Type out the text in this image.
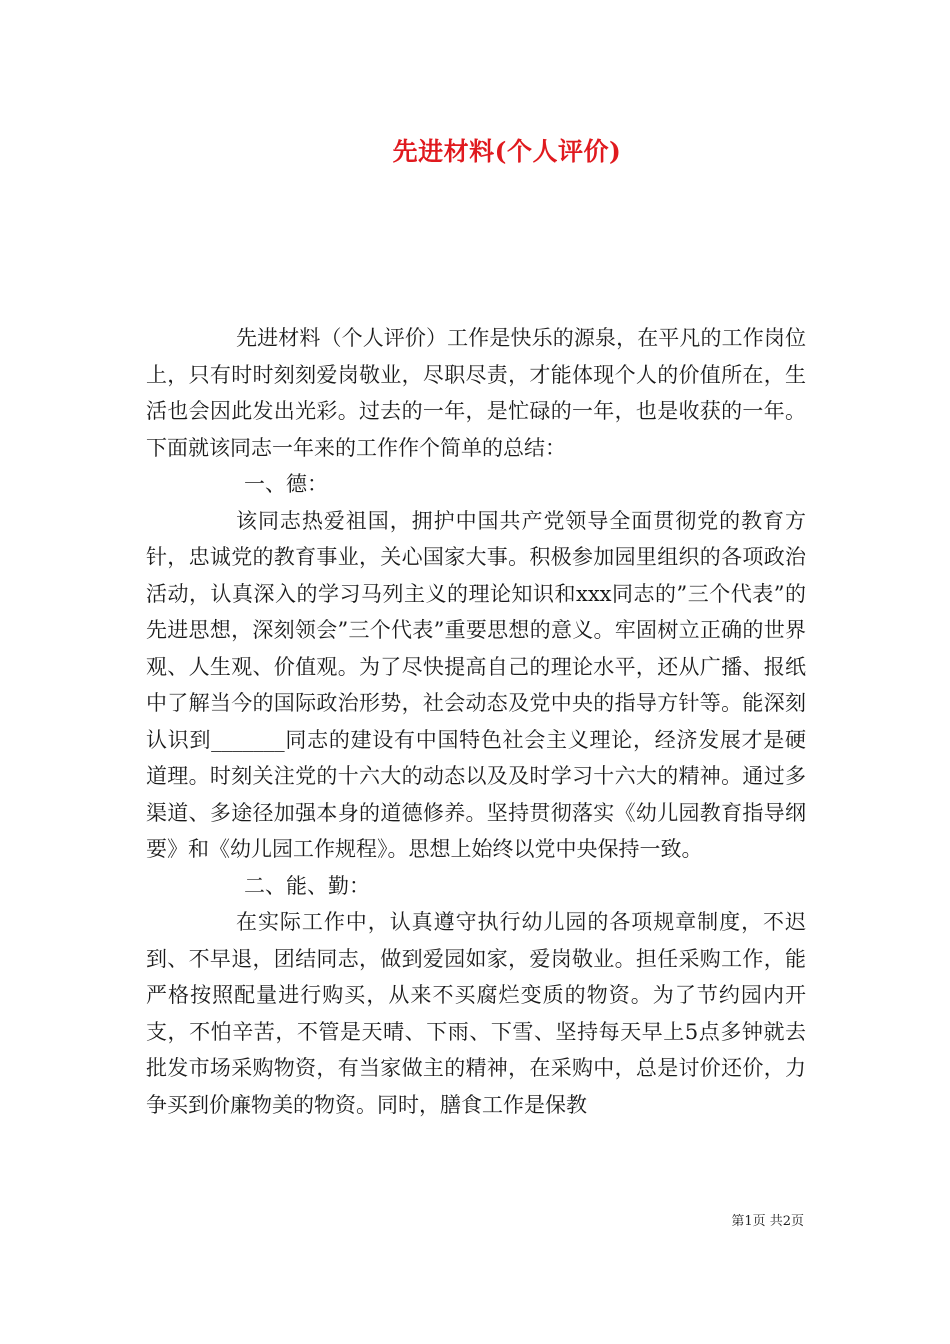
先进材料(个人评价)

先进材料（个人评价）工作是快乐的源泉，在平凡的工作岗位上，只有时时刻刻爱岗敬业，尽职尽责，才能体现个人的价值所在，生活也会因此发出光彩。过去的一年，是忙碌的一年，也是收获的一年。下面就该同志一年来的工作作个简单的总结：

一、德：

该同志热爱祖国，拥护中国共产党领导全面贯彻党的教育方针，忠诚党的教育事业，关心国家大事。积极参加园里组织的各项政治活动，认真深入的学习马列主义的理论知识和xxx同志的”三个代表”的先进思想，深刻领会”三个代表”重要思想的意义。牢固树立正确的世界观、人生观、价值观。为了尽快提高自己的理论水平，还从广播、报纸中了解当今的国际政治形势，社会动态及党中央的指导方针等。能深刻认识到_______同志的建设有中国特色社会主义理论，经济发展才是硬道理。时刻关注党的十六大的动态以及及时学习十六大的精神。通过多渠道、多途径加强本身的道德修养。坚持贯彻落实《幼儿园教育指导纲要》和《幼儿园工作规程》。思想上始终以党中央保持一致。

二、能、勤：

在实际工作中，认真遵守执行幼儿园的各项规章制度，不迟到、不早退，团结同志，做到爱园如家，爱岗敬业。担任采购工作，能严格按照配量进行购买，从来不买腐烂变质的物资。为了节约园内开支，不怕辛苦，不管是天晴、下雨、下雪、坚持每天早上5点多钟就去批发市场采购物资，有当家做主的精神，在采购中，总是讨价还价，力争买到价廉物美的物资。同时，膳食工作是保教

第1页 共2页
